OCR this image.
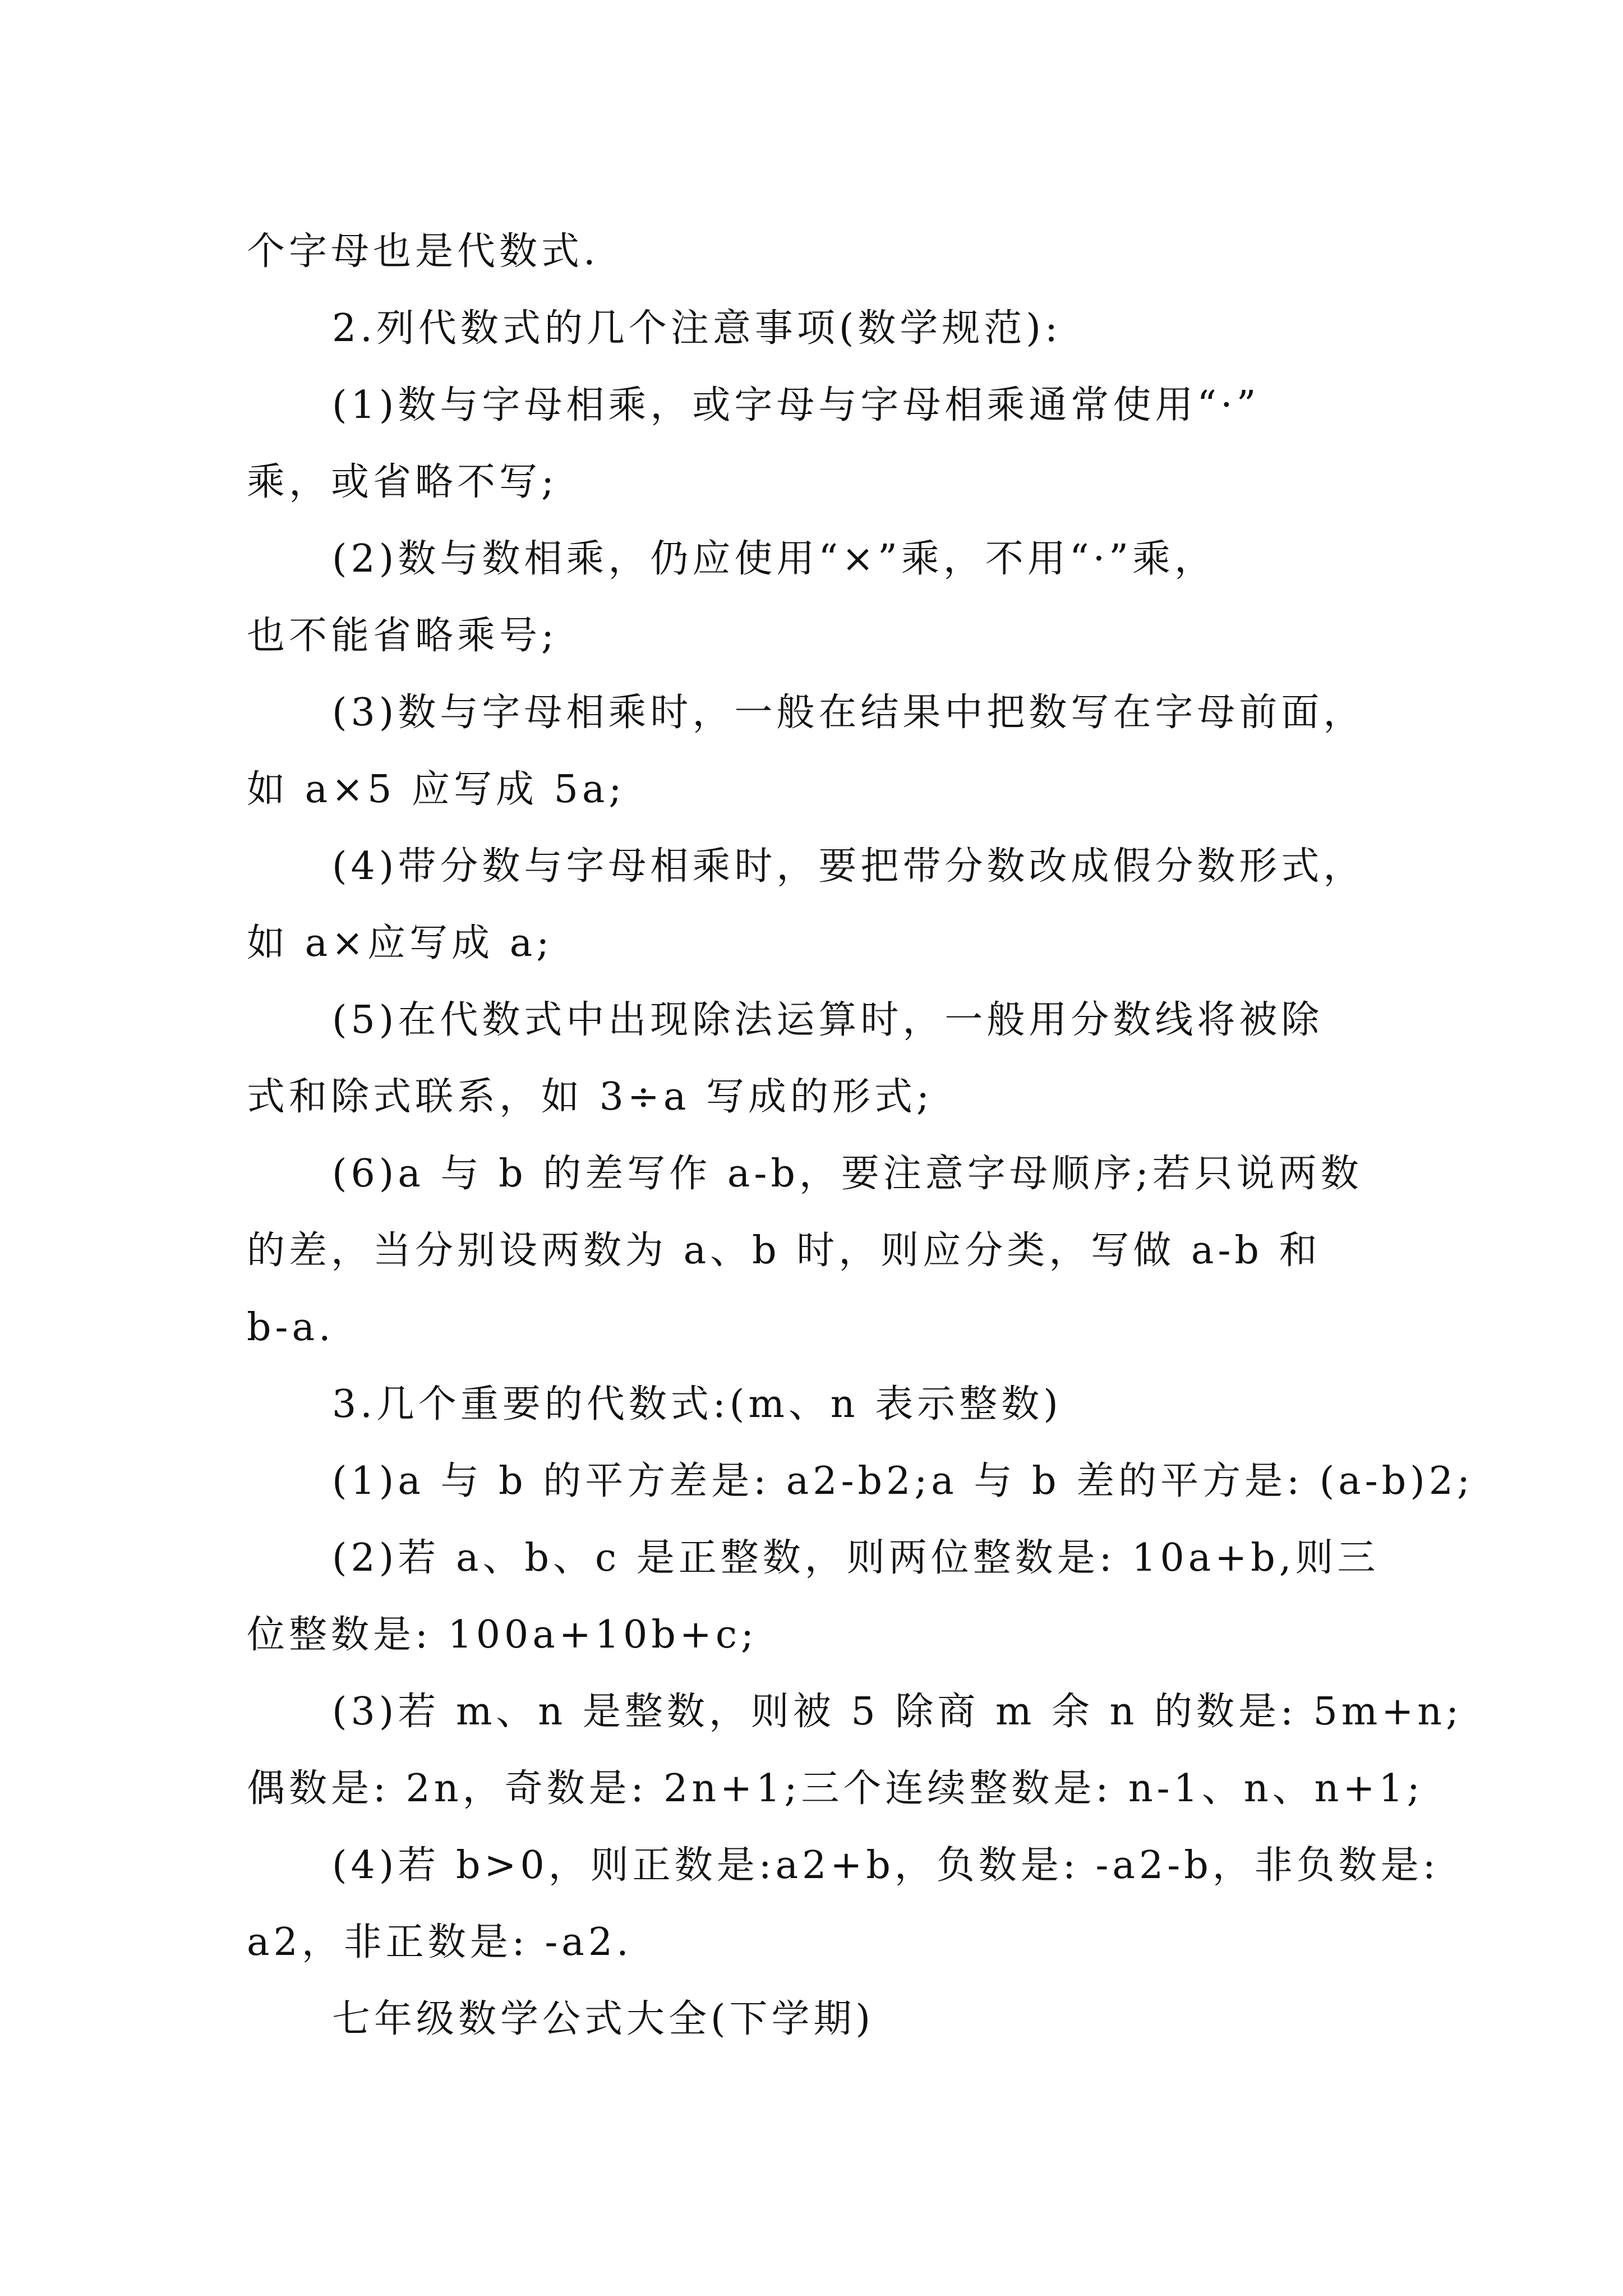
个字母也是代数式.

2.列代数式的几个注意事项(数学规范):

(1)数与字母相乘，或字母与字母相乘通常使用“·”

乘，或省略不写;

(2)数与数相乘，仍应使用“×”乘，不用“·”乘，

也不能省略乘号;

(3)数与字母相乘时，一般在结果中把数写在字母前面，

如 a×5 应写成 5a;

(4)带分数与字母相乘时，要把带分数改成假分数形式，

如 a×应写成 a;

(5)在代数式中出现除法运算时，一般用分数线将被除

式和除式联系，如 3÷a 写成的形式;

(6)a 与 b 的差写作 a-b，要注意字母顺序;若只说两数

的差，当分别设两数为 a、b 时，则应分类，写做 a-b 和

b-a.

3.几个重要的代数式:(m、n 表示整数)

(1)a 与 b 的平方差是: a2-b2;a 与 b 差的平方是: (a-b)2;

(2)若 a、b、c 是正整数，则两位整数是: 10a+b,则三

位整数是: 100a+10b+c;

(3)若 m、n 是整数，则被 5 除商 m 余 n 的数是: 5m+n;

偶数是: 2n，奇数是: 2n+1;三个连续整数是: n-1、n、n+1;

(4)若 b>0，则正数是:a2+b，负数是: -a2-b，非负数是:

a2，非正数是: -a2.

七年级数学公式大全(下学期)
